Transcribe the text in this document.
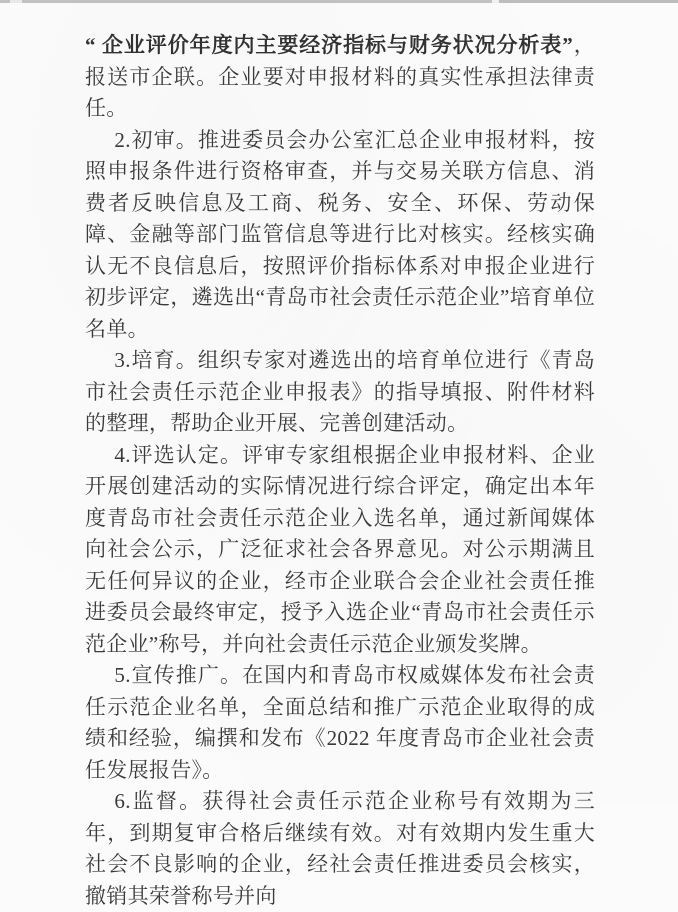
“ 企业评价年度内主要经济指标与财务状况分析表”，报送市企联。企业要对申报材料的真实性承担法律责任。

2.初审。推进委员会办公室汇总企业申报材料，按照申报条件进行资格审查，并与交易关联方信息、消费者反映信息及工商、税务、安全、环保、劳动保障、金融等部门监管信息等进行比对核实。经核实确认无不良信息后，按照评价指标体系对申报企业进行初步评定，遴选出“青岛市社会责任示范企业”培育单位名单。

3.培育。组织专家对遴选出的培育单位进行《青岛市社会责任示范企业申报表》的指导填报、附件材料的整理，帮助企业开展、完善创建活动。

4.评选认定。评审专家组根据企业申报材料、企业开展创建活动的实际情况进行综合评定，确定出本年度青岛市社会责任示范企业入选名单，通过新闻媒体向社会公示，广泛征求社会各界意见。对公示期满且无任何异议的企业，经市企业联合会企业社会责任推进委员会最终审定，授予入选企业“青岛市社会责任示范企业”称号，并向社会责任示范企业颁发奖牌。

5.宣传推广。在国内和青岛市权威媒体发布社会责任示范企业名单，全面总结和推广示范企业取得的成绩和经验，编撰和发布《2022 年度青岛市企业社会责任发展报告》。

6.监督。获得社会责任示范企业称号有效期为三年，到期复审合格后继续有效。对有效期内发生重大社会不良影响的企业，经社会责任推进委员会核实，撤销其荣誉称号并向
